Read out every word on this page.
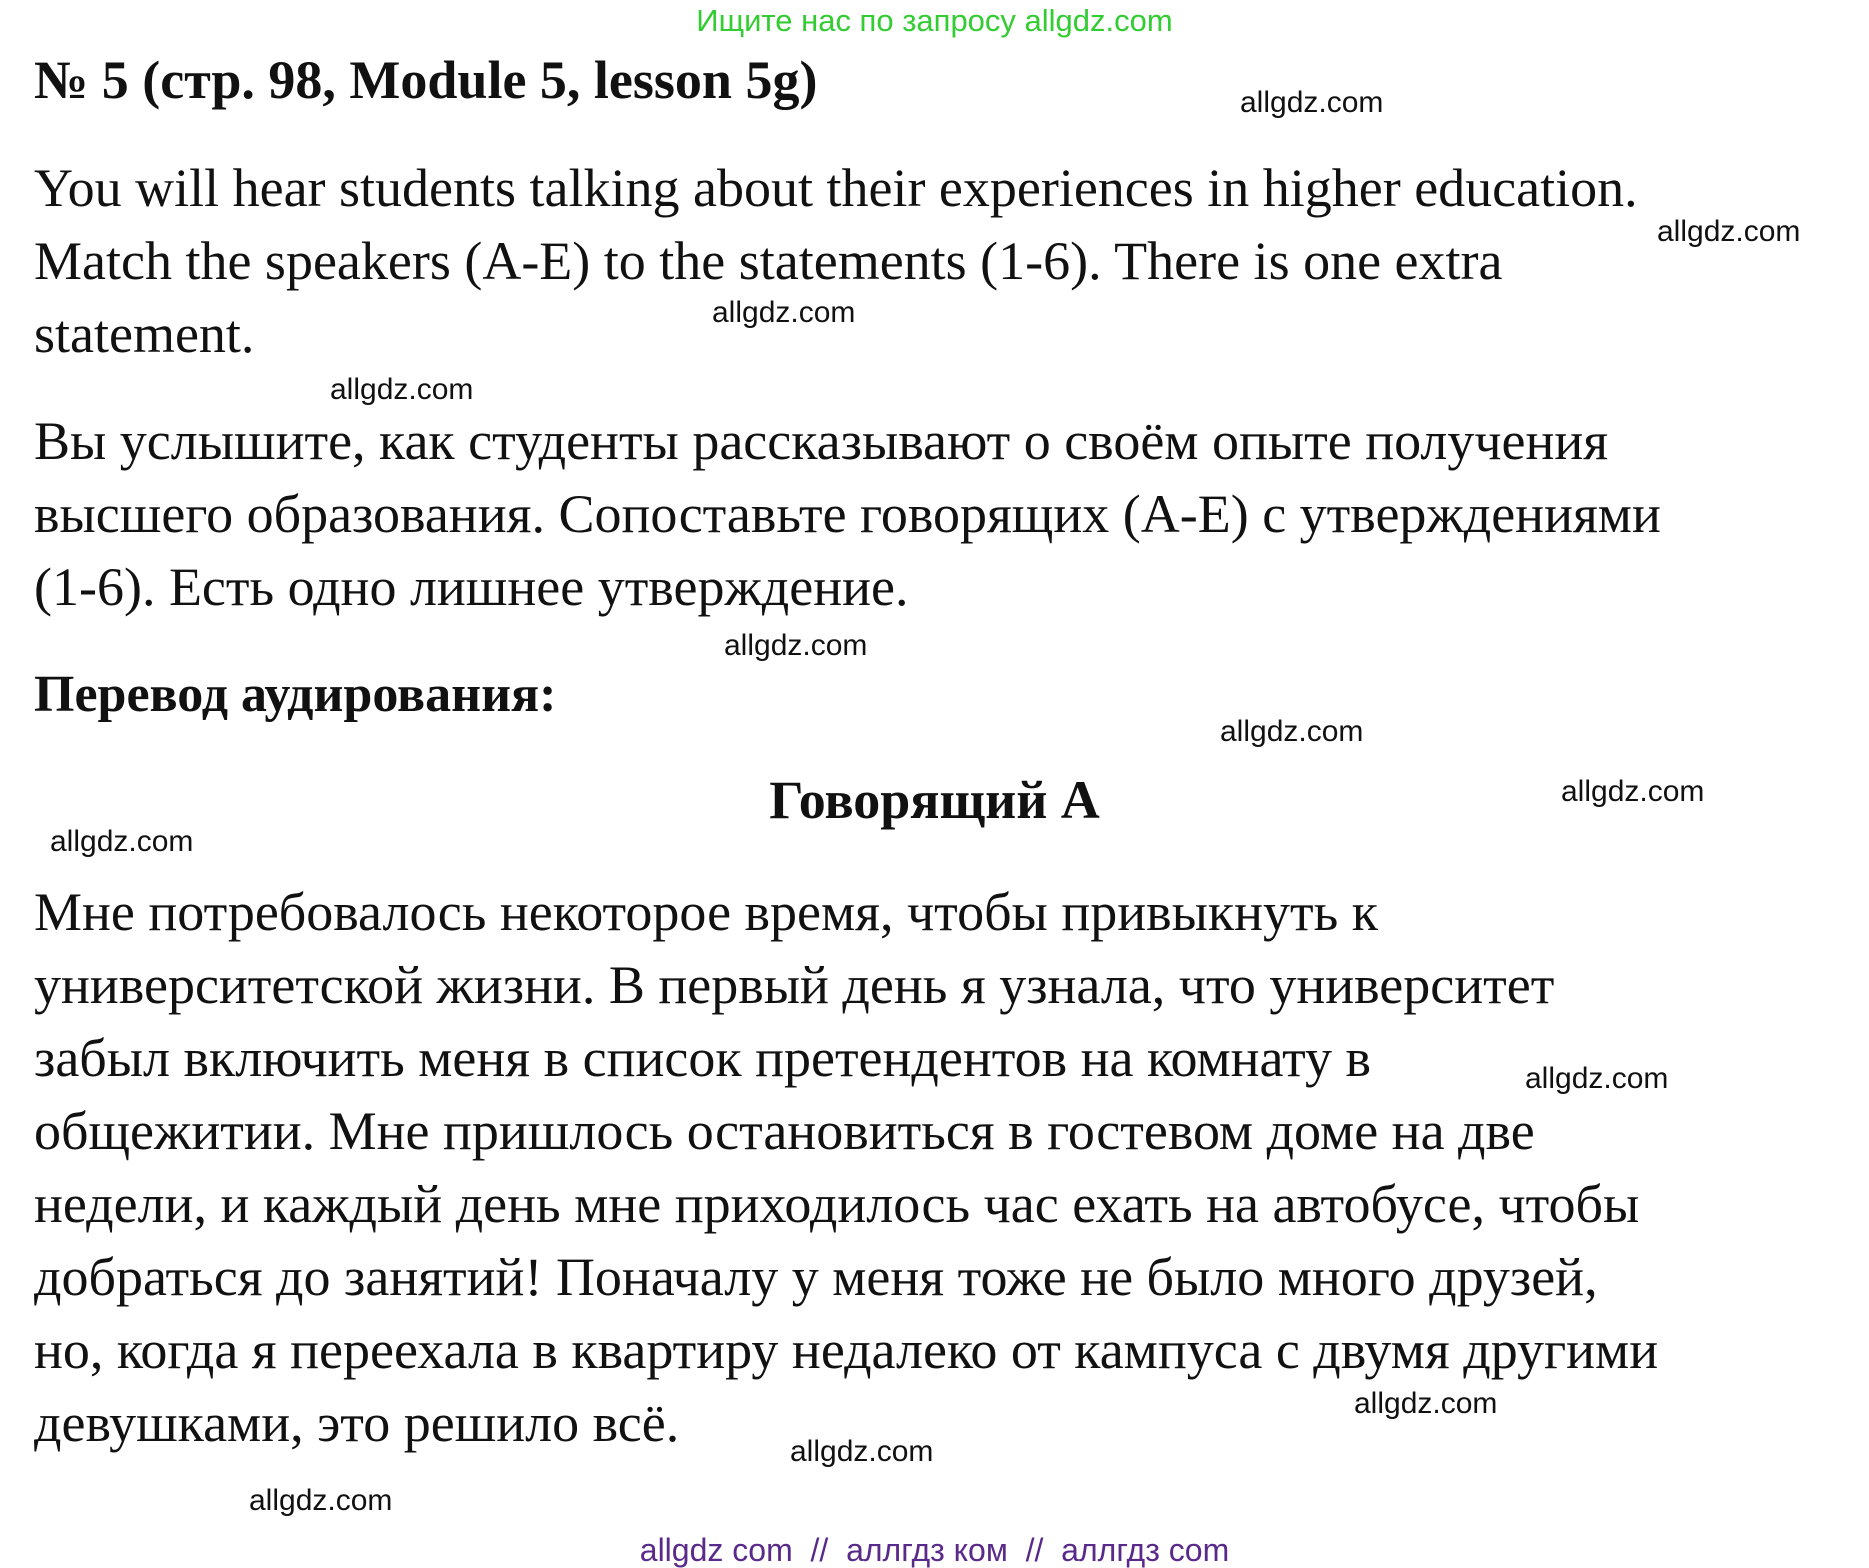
Ищите нас по запросу allgdz.com
№ 5 (стр. 98, Module 5, lesson 5g)
You will hear students talking about their experiences in higher education.
Match the speakers (A-E) to the statements (1-6). There is one extra
statement.
Вы услышите, как студенты рассказывают о своём опыте получения
высшего образования. Сопоставьте говорящих (A-E) с утверждениями
(1-6). Есть одно лишнее утверждение.
Перевод аудирования:
Говорящий А
Мне потребовалось некоторое время, чтобы привыкнуть к
университетской жизни. В первый день я узнала, что университет
забыл включить меня в список претендентов на комнату в
общежитии. Мне пришлось остановиться в гостевом доме на две
недели, и каждый день мне приходилось час ехать на автобусе, чтобы
добраться до занятий! Поначалу у меня тоже не было много друзей,
но, когда я переехала в квартиру недалеко от кампуса с двумя другими
девушками, это решило всё.
allgdz.com
allgdz.com
allgdz.com
allgdz.com
allgdz.com
allgdz.com
allgdz.com
allgdz.com
allgdz.com
allgdz.com
allgdz.com
allgdz.com
allgdz com  //  аллгдз ком  //  аллгдз com
